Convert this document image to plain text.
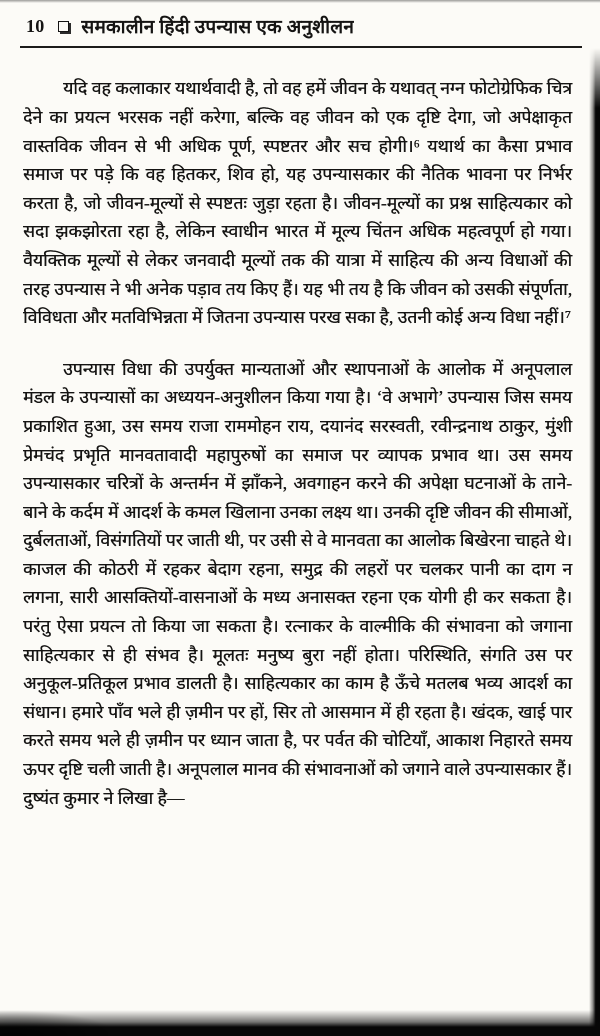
10 समकालीन हिंदी उपन्यास एक अनुशीलन

यदि वह कलाकार यथार्थवादी है, तो वह हमें जीवन के यथावत् नग्न फोटोग्रेफिक चित्र देने का प्रयत्न भरसक नहीं करेगा, बल्कि वह जीवन को एक दृष्टि देगा, जो अपेक्षाकृत वास्तविक जीवन से भी अधिक पूर्ण, स्पष्टतर और सच होगी।⁶ यथार्थ का कैसा प्रभाव समाज पर पड़े कि वह हितकर, शिव हो, यह उपन्यासकार की नैतिक भावना पर निर्भर करता है, जो जीवन-मूल्यों से स्पष्टतः जुड़ा रहता है। जीवन-मूल्यों का प्रश्न साहित्यकार को सदा झकझोरता रहा है, लेकिन स्वाधीन भारत में मूल्य चिंतन अधिक महत्वपूर्ण हो गया। वैयक्तिक मूल्यों से लेकर जनवादी मूल्यों तक की यात्रा में साहित्य की अन्य विधाओं की तरह उपन्यास ने भी अनेक पड़ाव तय किए हैं। यह भी तय है कि जीवन को उसकी संपूर्णता, विविधता और मतविभिन्नता में जितना उपन्यास परख सका है, उतनी कोई अन्य विधा नहीं।⁷

उपन्यास विधा की उपर्युक्त मान्यताओं और स्थापनाओं के आलोक में अनूपलाल मंडल के उपन्यासों का अध्ययन-अनुशीलन किया गया है। ‘वे अभागे’ उपन्यास जिस समय प्रकाशित हुआ, उस समय राजा राममोहन राय, दयानंद सरस्वती, रवीन्द्रनाथ ठाकुर, मुंशी प्रेमचंद प्रभृति मानवतावादी महापुरुषों का समाज पर व्यापक प्रभाव था। उस समय उपन्यासकार चरित्रों के अन्तर्मन में झाँकने, अवगाहन करने की अपेक्षा घटनाओं के ताने-बाने के कर्दम में आदर्श के कमल खिलाना उनका लक्ष्य था। उनकी दृष्टि जीवन की सीमाओं, दुर्बलताओं, विसंगतियों पर जाती थी, पर उसी से वे मानवता का आलोक बिखेरना चाहते थे। काजल की कोठरी में रहकर बेदाग रहना, समुद्र की लहरों पर चलकर पानी का दाग न लगना, सारी आसक्तियों-वासनाओं के मध्य अनासक्त रहना एक योगी ही कर सकता है। परंतु ऐसा प्रयत्न तो किया जा सकता है। रत्नाकर के वाल्मीकि की संभावना को जगाना साहित्यकार से ही संभव है। मूलतः मनुष्य बुरा नहीं होता। परिस्थिति, संगति उस पर अनुकूल-प्रतिकूल प्रभाव डालती है। साहित्यकार का काम है ऊँचे मतलब भव्य आदर्श का संधान। हमारे पाँव भले ही ज़मीन पर हों, सिर तो आसमान में ही रहता है। खंदक, खाई पार करते समय भले ही ज़मीन पर ध्यान जाता है, पर पर्वत की चोटियाँ, आकाश निहारते समय ऊपर दृष्टि चली जाती है। अनूपलाल मानव की संभावनाओं को जगाने वाले उपन्यासकार हैं। दुष्यंत कुमार ने लिखा है—
